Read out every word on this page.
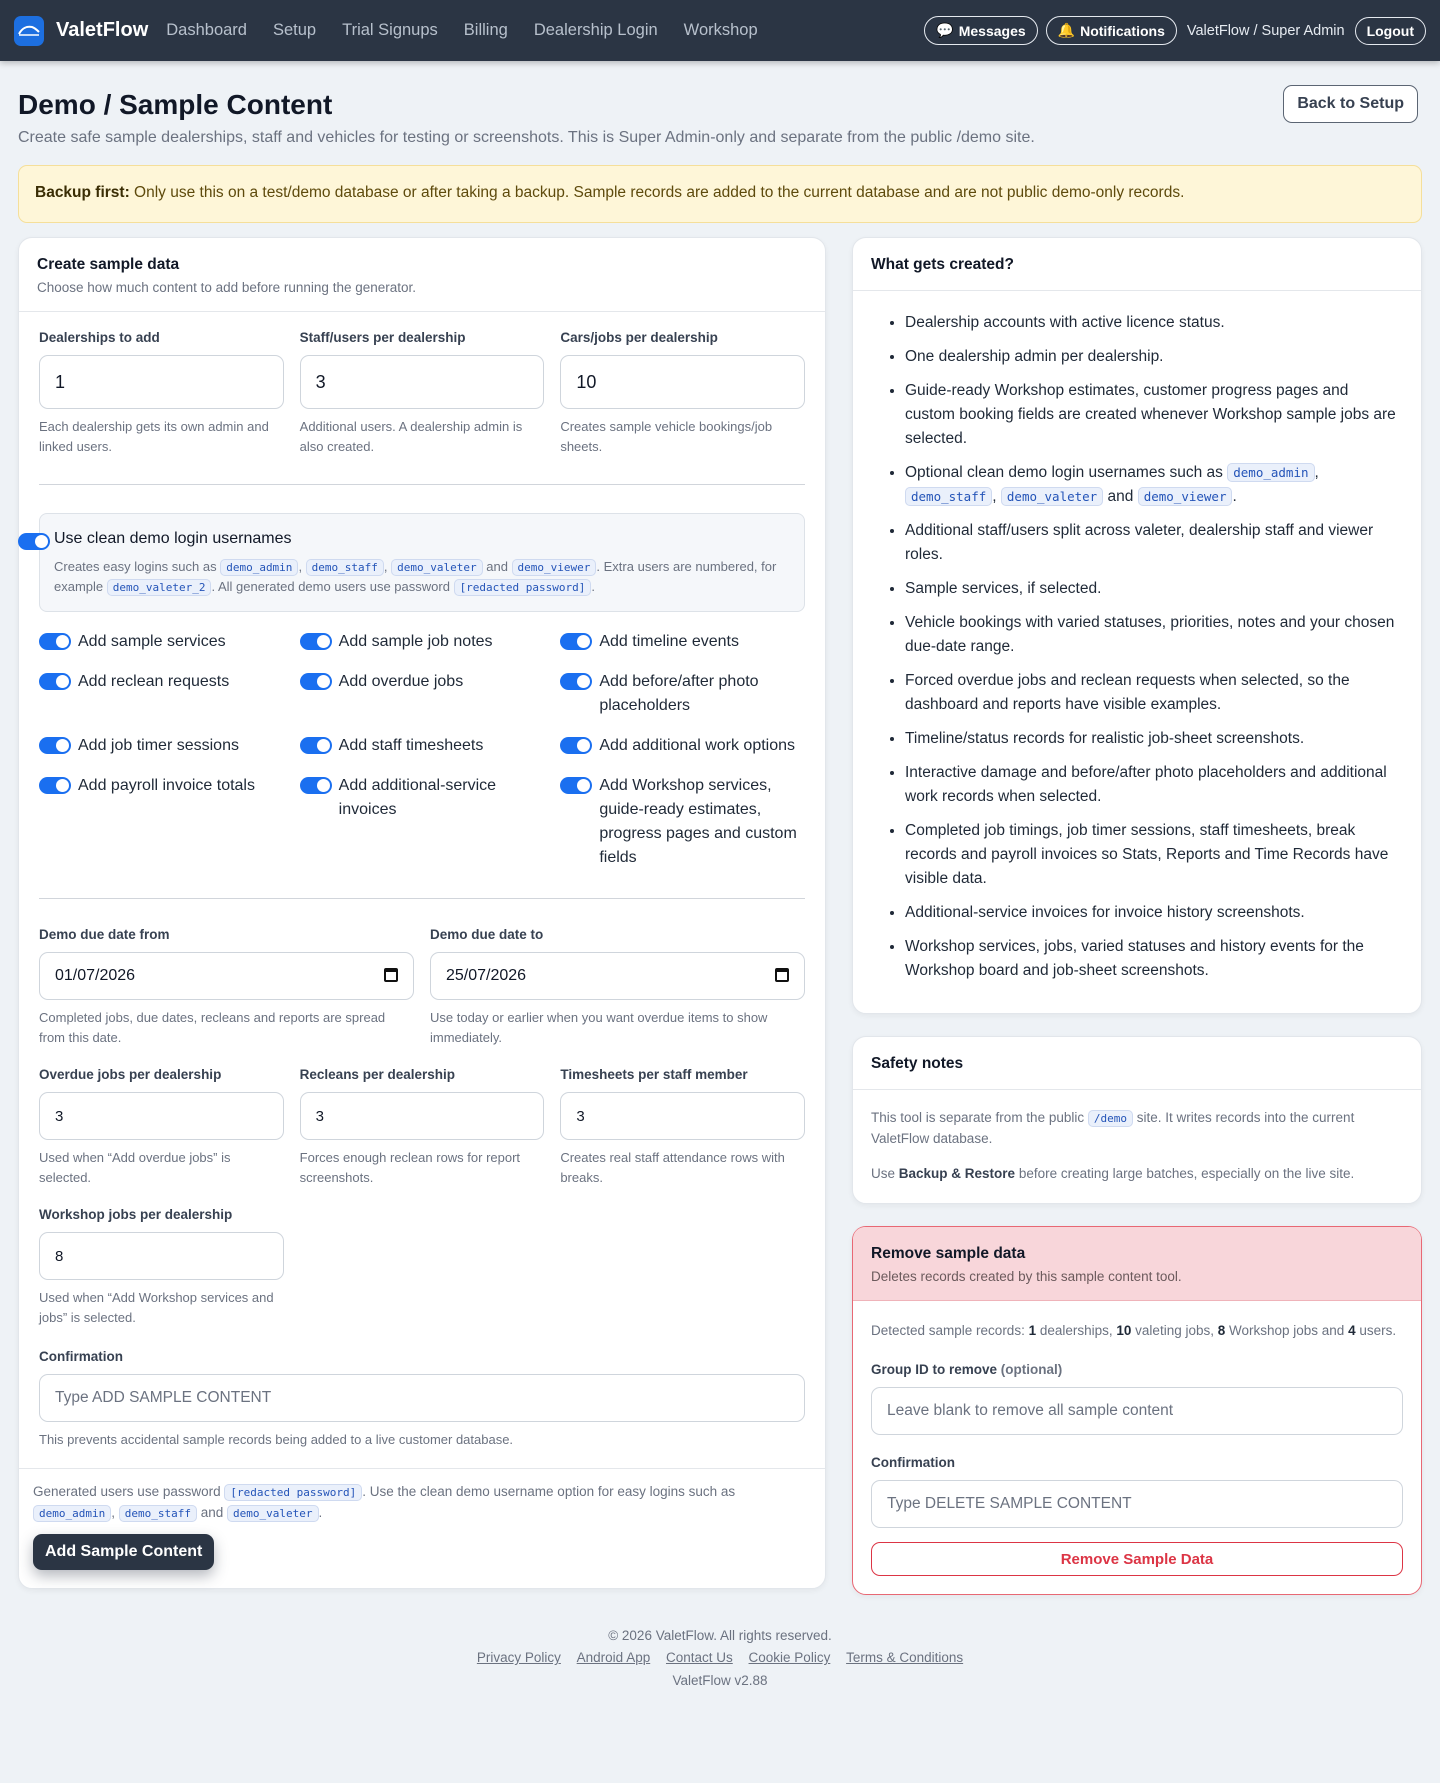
ValetFlow Dashboard Setup Trial Signups Billing Dealership Login Workshop	💬 Messages 🔔 Notifications ValetFlow / Super Admin	Logout
Demo / Sample Content

Create safe sample dealerships, staff and vehicles for testing or screenshots. This is Super Admin-only and separate from the public /demo site.

Back to Setup
Backup first: Only use this on a test/demo database or after taking a backup. Sample records are added to the current database and are not public demo-only records.
Create sample data
Choose how much content to add before running the generator.
Dealerships to add
1
Each dealership gets its own admin and linked users.
Staff/users per dealership
3
Additional users. A dealership admin is also created.
Cars/jobs per dealership
10
Creates sample vehicle bookings/job sheets.
Use clean demo login usernames
Creates easy logins such as demo_admin , demo_staff , demo_valeter and demo_viewer . Extra users are numbered, for example demo_valeter_2 . All generated demo users use password [redacted password] .
Add sample services	Add sample job notes	Add timeline events
Add reclean requests	Add overdue jobs	Add before/after photo placeholders
Add job timer sessions	Add staff timesheets	Add additional work options
Add payroll invoice totals	Add additional-service invoices
Add Workshop services, guide-ready estimates, progress pages and custom fields
Demo due date from
01/07/2026
Completed jobs, due dates, recleans and reports are spread from this date.
Demo due date to
25/07/2026
Use today or earlier when you want overdue items to show immediately.
Overdue jobs per dealership
3
Used when “Add overdue jobs” is selected.
Recleans per dealership
3
Forces enough reclean rows for report screenshots.
Timesheets per staff member
3
Creates real staff attendance rows with breaks.
Workshop jobs per dealership
8
Used when “Add Workshop services and jobs” is selected.
Confirmation
Type ADD SAMPLE CONTENT
This prevents accidental sample records being added to a live customer database.
Generated users use password [redacted password] . Use the clean demo username option for easy logins such as demo_admin , demo_staff and demo_valeter .
Add Sample Content
What gets created?
• Dealership accounts with active licence status.
• One dealership admin per dealership.
• Guide-ready Workshop estimates, customer progress pages and custom booking fields are created whenever Workshop sample jobs are selected.
• Optional clean demo login usernames such as demo_admin , demo_staff , demo_valeter and demo_viewer .
• Additional staff/users split across valeter, dealership staff and viewer roles.
• Sample services, if selected.
• Vehicle bookings with varied statuses, priorities, notes and your chosen due-date range.
• Forced overdue jobs and reclean requests when selected, so the dashboard and reports have visible examples.
• Timeline/status records for realistic job-sheet screenshots.
• Interactive damage and before/after photo placeholders and additional work records when selected.
• Completed job timings, job timer sessions, staff timesheets, break records and payroll invoices so Stats, Reports and Time Records have visible data.
• Additional-service invoices for invoice history screenshots.
• Workshop services, jobs, varied statuses and history events for the Workshop board and job-sheet screenshots.
Safety notes

This tool is separate from the public /demo site. It writes records into the current ValetFlow database.

Use Backup & Restore before creating large batches, especially on the live site.

Remove sample data
Deletes records created by this sample content tool.
Detected sample records: 1 dealerships, 10 valeting jobs, 8 Workshop jobs and 4 users.
Group ID to remove (optional)
Leave blank to remove all sample content
Confirmation
Type DELETE SAMPLE CONTENT Remove Sample Data
© 2026 ValetFlow. All rights reserved.
Privacy Policy Android App Contact Us Cookie Policy Terms & Conditions
ValetFlow v2.88
